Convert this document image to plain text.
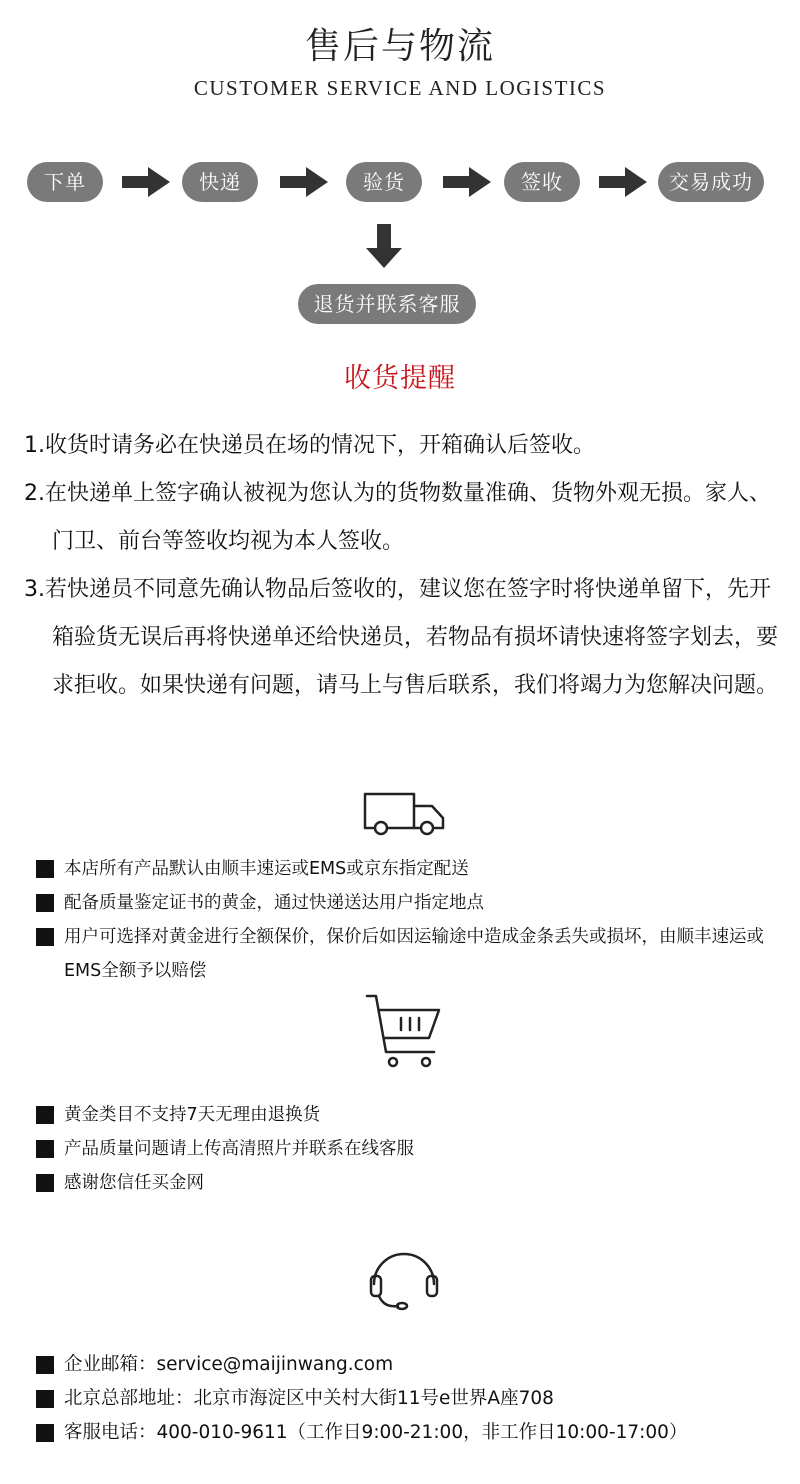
售后与物流
CUSTOMER SERVICE AND LOGISTICS
下单	快递	验货	签收	交易成功
退货并联系客服
收货提醒
1.收货时请务必在快递员在场的情况下，开箱确认后签收。
2.在快递单上签字确认被视为您认为的货物数量准确、货物外观无损。家人、门卫、前台等签收均视为本人签收。
3.若快递员不同意先确认物品后签收的，建议您在签字时将快递单留下，先开箱验货无误后再将快递单还给快递员，若物品有损坏请快速将签字划去，要求拒收。如果快递有问题，请马上与售后联系，我们将竭力为您解决问题。
本店所有产品默认由顺丰速运或EMS或京东指定配送
配备质量鉴定证书的黄金，通过快递送达用户指定地点
用户可选择对黄金进行全额保价，保价后如因运输途中造成金条丢失或损坏，由顺丰速运或EMS全额予以赔偿
黄金类目不支持7天无理由退换货
产品质量问题请上传高清照片并联系在线客服
感谢您信任买金网
企业邮箱：service@maijinwang.com
北京总部地址：北京市海淀区中关村大街11号e世界A座708
客服电话：400-010-9611（工作日9:00-21:00，非工作日10:00-17:00）
